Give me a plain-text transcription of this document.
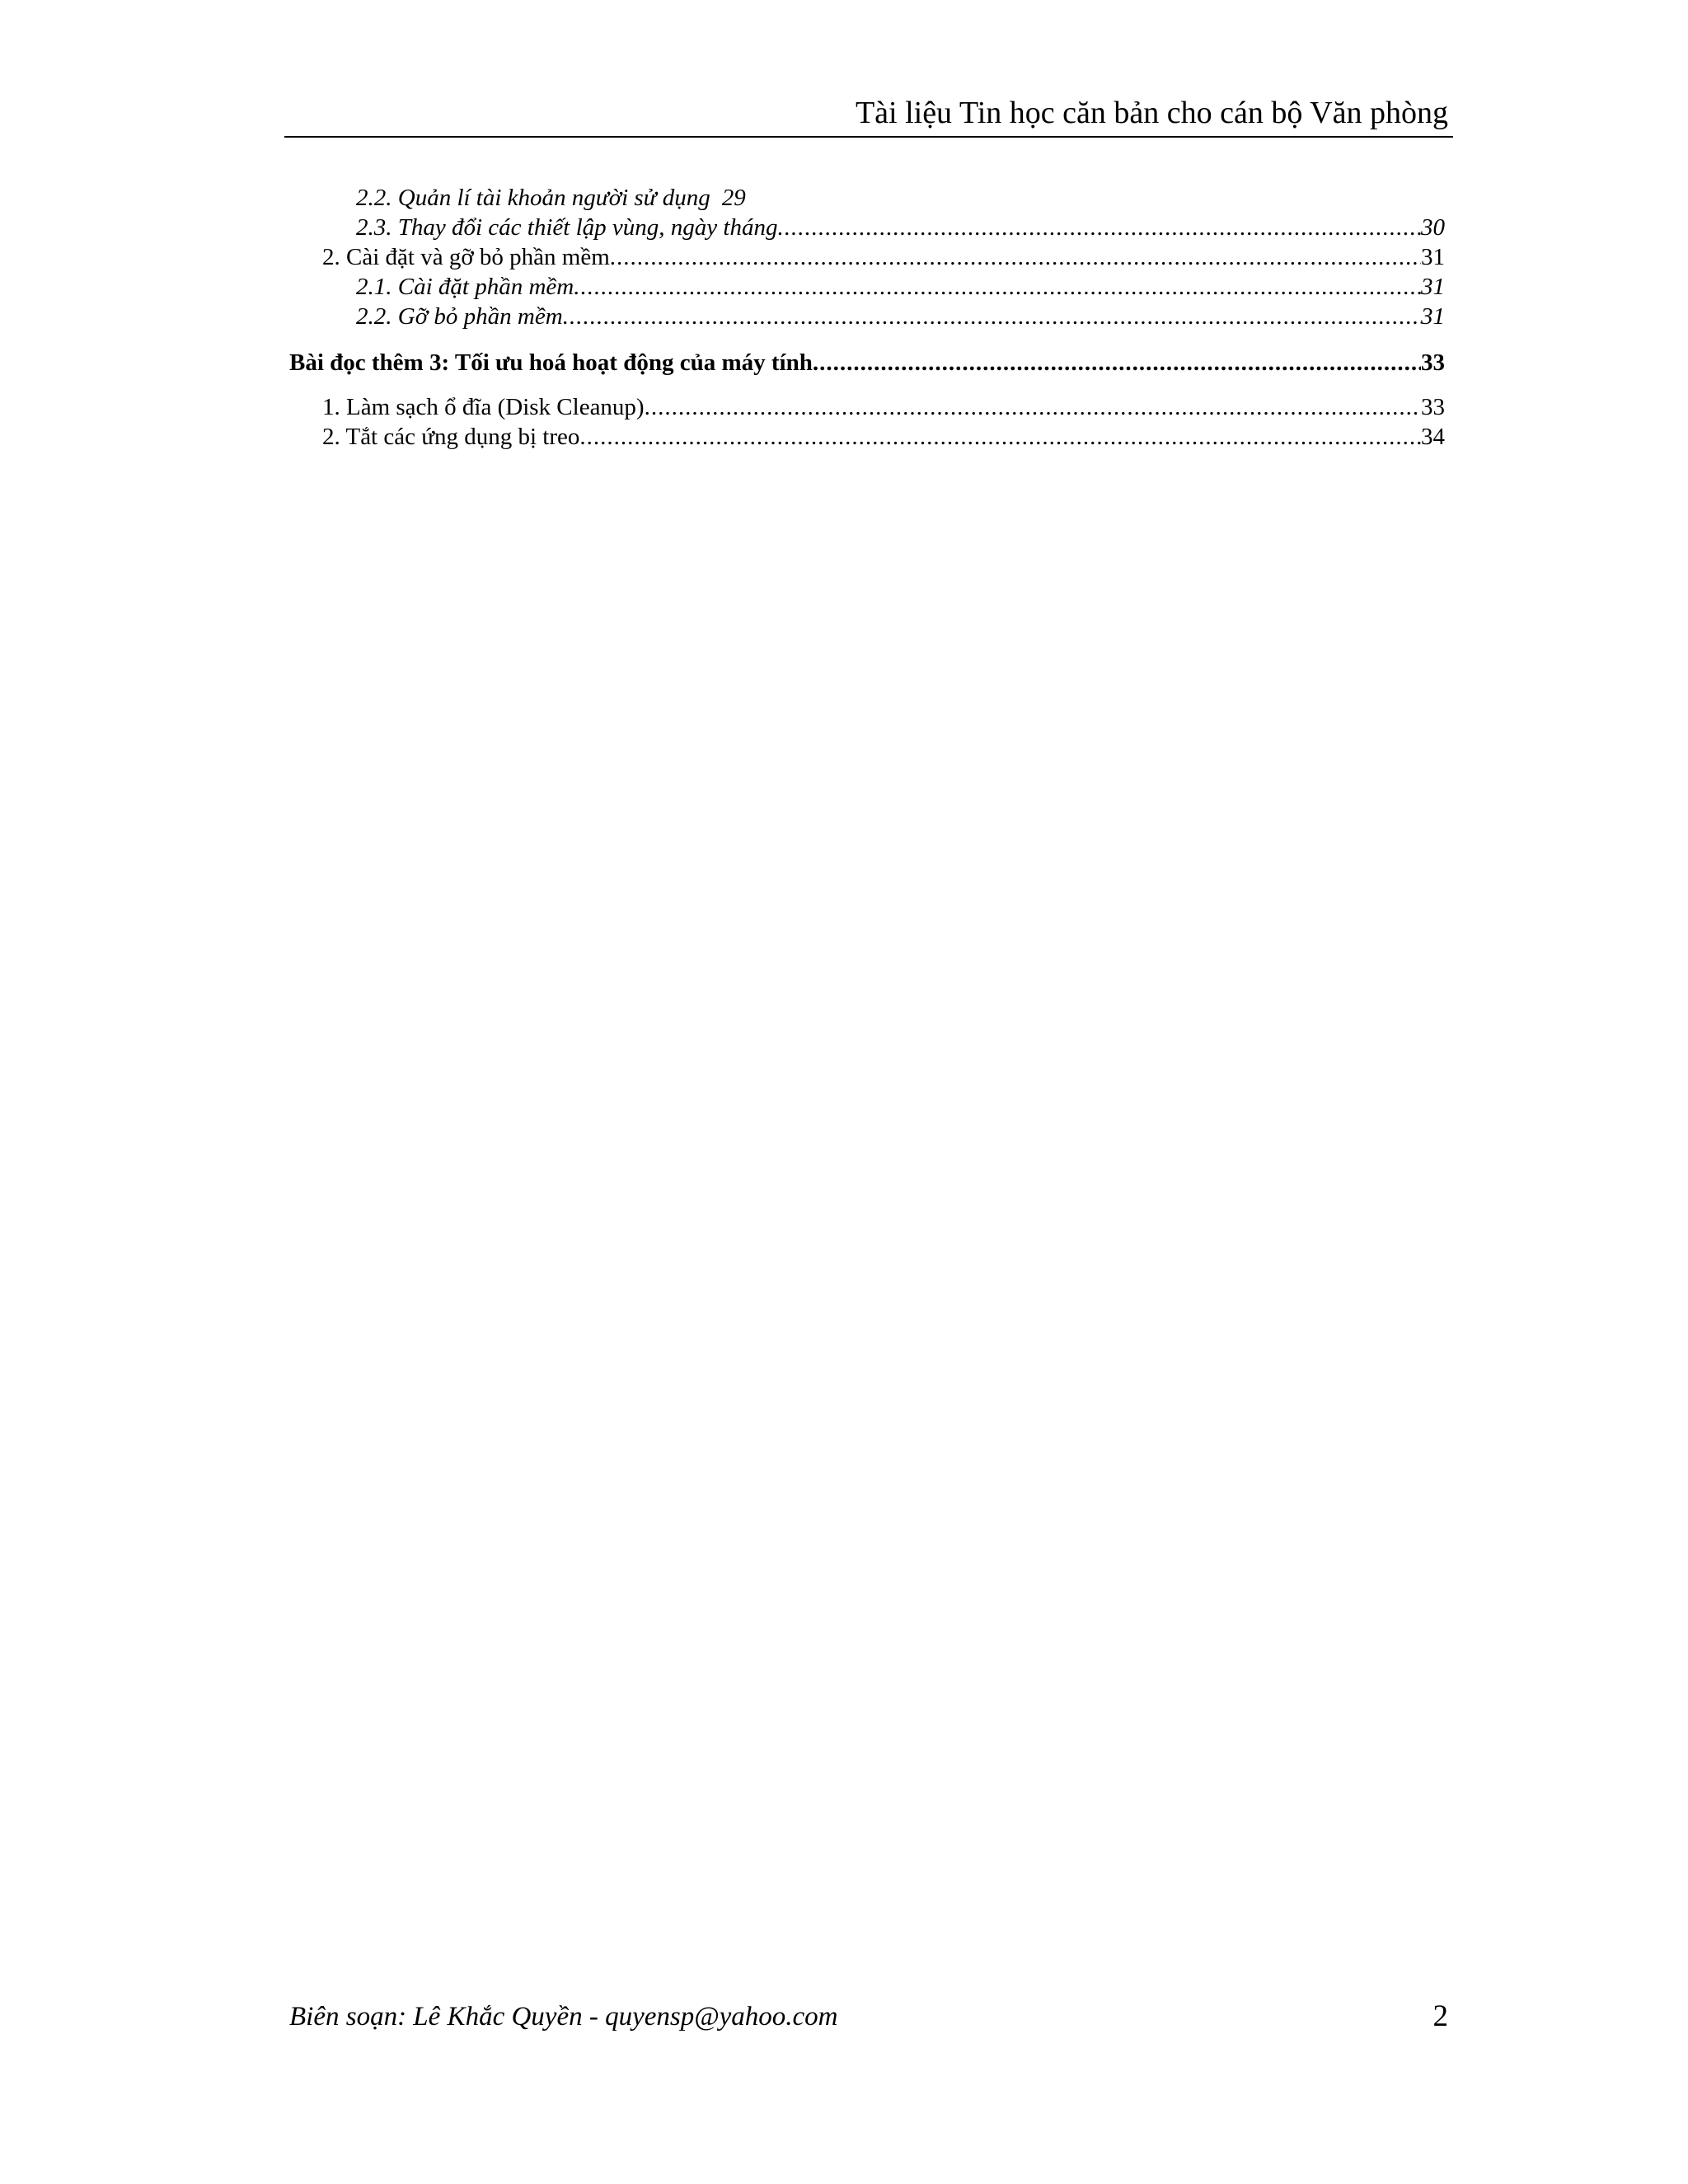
Tài liệu Tin học căn bản cho cán bộ Văn phòng
2.2. Quản lí tài khoản người sử dụng 29
2.3. Thay đổi các thiết lập vùng, ngày tháng .....	30
2. Cài đặt và gỡ bỏ phần mềm .....	31
2.1. Cài đặt phần mềm .....	31
2.2. Gỡ bỏ phần mềm .....	31
Bài đọc thêm 3: Tối ưu hoá hoạt động của máy tính .....	33
1. Làm sạch ổ đĩa (Disk Cleanup) .....	33
2. Tắt các ứng dụng bị treo .....	34
Biên soạn: Lê Khắc Quyền - quyensp@yahoo.com	2
